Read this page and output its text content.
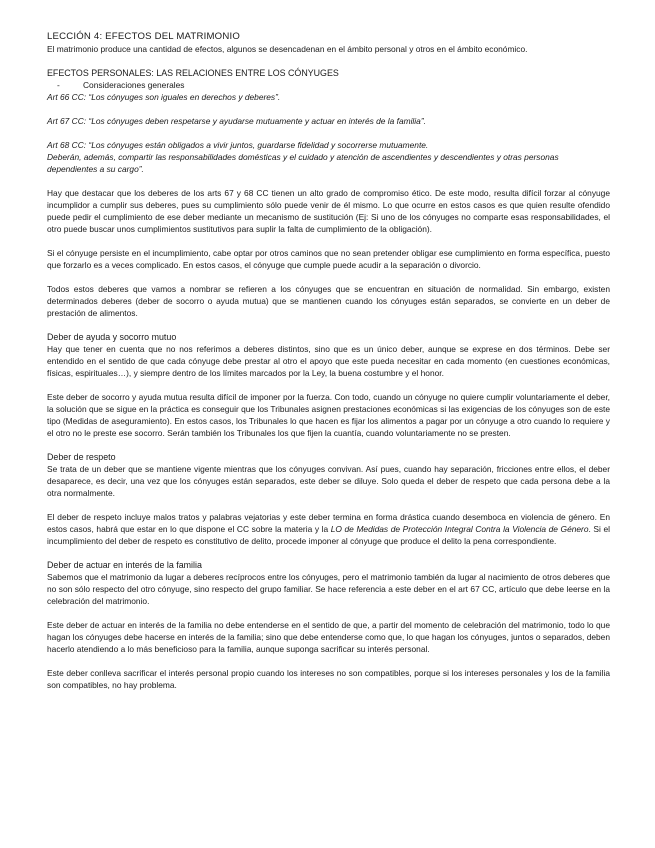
LECCIÓN 4: EFECTOS DEL MATRIMONIO

El matrimonio produce una cantidad de efectos, algunos se desencadenan en el ámbito personal y otros en el ámbito económico.

EFECTOS PERSONALES: LAS RELACIONES ENTRE LOS CÓNYUGES

-	Consideraciones generales

Art 66 CC: “Los cónyuges son iguales en derechos y deberes”.

Art 67 CC: “Los cónyuges deben respetarse y ayudarse mutuamente y actuar en interés de la familia”.

Art 68 CC: “Los cónyuges están obligados a vivir juntos, guardarse fidelidad y socorrerse mutuamente.

Deberán, además, compartir las responsabilidades domésticas y el cuidado y atención de ascendientes y descendientes y otras personas dependientes a su cargo”.

Hay que destacar que los deberes de los arts 67 y 68 CC tienen un alto grado de compromiso ético. De este modo, resulta difícil forzar al cónyuge incumplidor a cumplir sus deberes, pues su cumplimiento sólo puede venir de él mismo. Lo que ocurre en estos casos es que quien resulte ofendido puede pedir el cumplimiento de ese deber mediante un mecanismo de sustitución (Ej: Si uno de los cónyuges no comparte esas responsabilidades, el otro puede buscar unos cumplimientos sustitutivos para suplir la falta de cumplimiento de la obligación).

Si el cónyuge persiste en el incumplimiento, cabe optar por otros caminos que no sean pretender obligar ese cumplimiento en forma específica, puesto que forzarlo es a veces complicado. En estos casos, el cónyuge que cumple puede acudir a la separación o divorcio.

Todos estos deberes que vamos a nombrar se refieren a los cónyuges que se encuentran en situación de normalidad. Sin embargo, existen determinados deberes (deber de socorro o ayuda mutua) que se mantienen cuando los cónyuges están separados, se convierte en un deber de prestación de alimentos.

Deber de ayuda y socorro mutuo

Hay que tener en cuenta que no nos referimos a deberes distintos, sino que es un único deber, aunque se exprese en dos términos. Debe ser entendido en el sentido de que cada cónyuge debe prestar al otro el apoyo que este pueda necesitar en cada momento (en cuestiones económicas, físicas, espirituales…), y siempre dentro de los límites marcados por la Ley, la buena costumbre y el honor.

Este deber de socorro y ayuda mutua resulta difícil de imponer por la fuerza. Con todo, cuando un cónyuge no quiere cumplir voluntariamente el deber, la solución que se sigue en la práctica es conseguir que los Tribunales asignen prestaciones económicas si las exigencias de los cónyuges son de este tipo (Medidas de aseguramiento). En estos casos, los Tribunales lo que hacen es fijar los alimentos a pagar por un cónyuge a otro cuando lo requiere y el otro no le preste ese socorro. Serán también los Tribunales los que fijen la cuantía, cuando voluntariamente no se presten.

Deber de respeto

Se trata de un deber que se mantiene vigente mientras que los cónyuges convivan. Así pues, cuando hay separación, fricciones entre ellos, el deber desaparece, es decir, una vez que los cónyuges están separados, este deber se diluye. Solo queda el deber de respeto que cada persona debe a la otra normalmente.

El deber de respeto incluye malos tratos y palabras vejatorias y este deber termina en forma drástica cuando desemboca en violencia de género. En estos casos, habrá que estar en lo que dispone el CC sobre la materia y la LO de Medidas de Protección Integral Contra la Violencia de Género. Si el incumplimiento del deber de respeto es constitutivo de delito, procede imponer al cónyuge que produce el delito la pena correspondiente.

Deber de actuar en interés de la familia

Sabemos que el matrimonio da lugar a deberes recíprocos entre los cónyuges, pero el matrimonio también da lugar al nacimiento de otros deberes que no son sólo respecto del otro cónyuge, sino respecto del grupo familiar. Se hace referencia a este deber en el art 67 CC, artículo que debe leerse en la celebración del matrimonio.

Este deber de actuar en interés de la familia no debe entenderse en el sentido de que, a partir del momento de celebración del matrimonio, todo lo que hagan los cónyuges debe hacerse en interés de la familia; sino que debe entenderse como que, lo que hagan los cónyuges, juntos o separados, deben hacerlo atendiendo a lo más beneficioso para la familia, aunque suponga sacrificar su interés personal.

Este deber conlleva sacrificar el interés personal propio cuando los intereses no son compatibles, porque si los intereses personales y los de la familia son compatibles, no hay problema.
